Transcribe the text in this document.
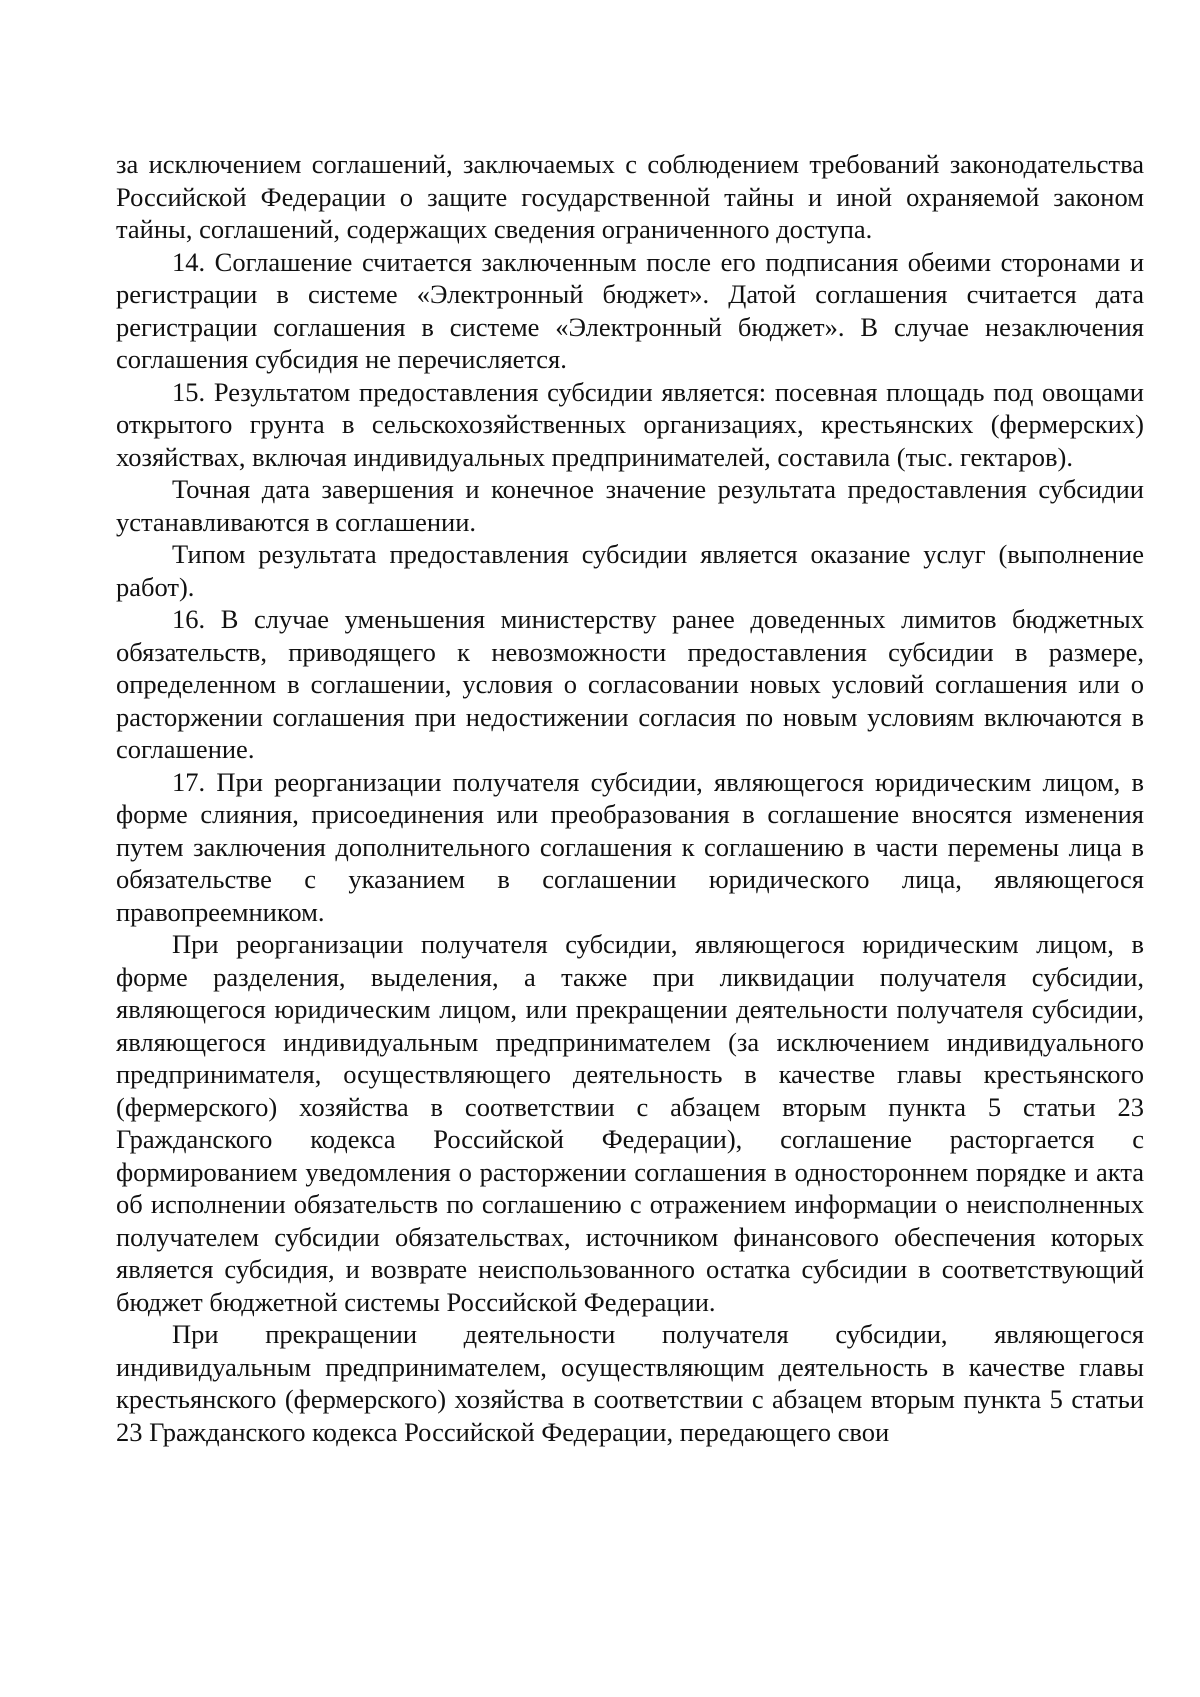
за исключением соглашений, заключаемых с соблюдением требований законодательства Российской Федерации о защите государственной тайны и иной охраняемой законом тайны, соглашений, содержащих сведения ограниченного доступа.

14. Соглашение считается заключенным после его подписания обеими сторонами и регистрации в системе «Электронный бюджет». Датой соглашения считается дата регистрации соглашения в системе «Электронный бюджет». В случае незаключения соглашения субсидия не перечисляется.

15. Результатом предоставления субсидии является: посевная площадь под овощами открытого грунта в сельскохозяйственных организациях, крестьянских (фермерских) хозяйствах, включая индивидуальных предпринимателей, составила (тыс. гектаров).

Точная дата завершения и конечное значение результата предоставления субсидии устанавливаются в соглашении.

Типом результата предоставления субсидии является оказание услуг (выполнение работ).

16. В случае уменьшения министерству ранее доведенных лимитов бюджетных обязательств, приводящего к невозможности предоставления субсидии в размере, определенном в соглашении, условия о согласовании новых условий соглашения или о расторжении соглашения при недостижении согласия по новым условиям включаются в соглашение.

17. При реорганизации получателя субсидии, являющегося юридическим лицом, в форме слияния, присоединения или преобразования в соглашение вносятся изменения путем заключения дополнительного соглашения к соглашению в части перемены лица в обязательстве с указанием в соглашении юридического лица, являющегося правопреемником.

При реорганизации получателя субсидии, являющегося юридическим лицом, в форме разделения, выделения, а также при ликвидации получателя субсидии, являющегося юридическим лицом, или прекращении деятельности получателя субсидии, являющегося индивидуальным предпринимателем (за исключением индивидуального предпринимателя, осуществляющего деятельность в качестве главы крестьянского (фермерского) хозяйства в соответствии с абзацем вторым пункта 5 статьи 23 Гражданского кодекса Российской Федерации), соглашение расторгается с формированием уведомления о расторжении соглашения в одностороннем порядке и акта об исполнении обязательств по соглашению с отражением информации о неисполненных получателем субсидии обязательствах, источником финансового обеспечения которых является субсидия, и возврате неиспользованного остатка субсидии в соответствующий бюджет бюджетной системы Российской Федерации.

При прекращении деятельности получателя субсидии, являющегося индивидуальным предпринимателем, осуществляющим деятельность в качестве главы крестьянского (фермерского) хозяйства в соответствии с абзацем вторым пункта 5 статьи 23 Гражданского кодекса Российской Федерации, передающего свои
